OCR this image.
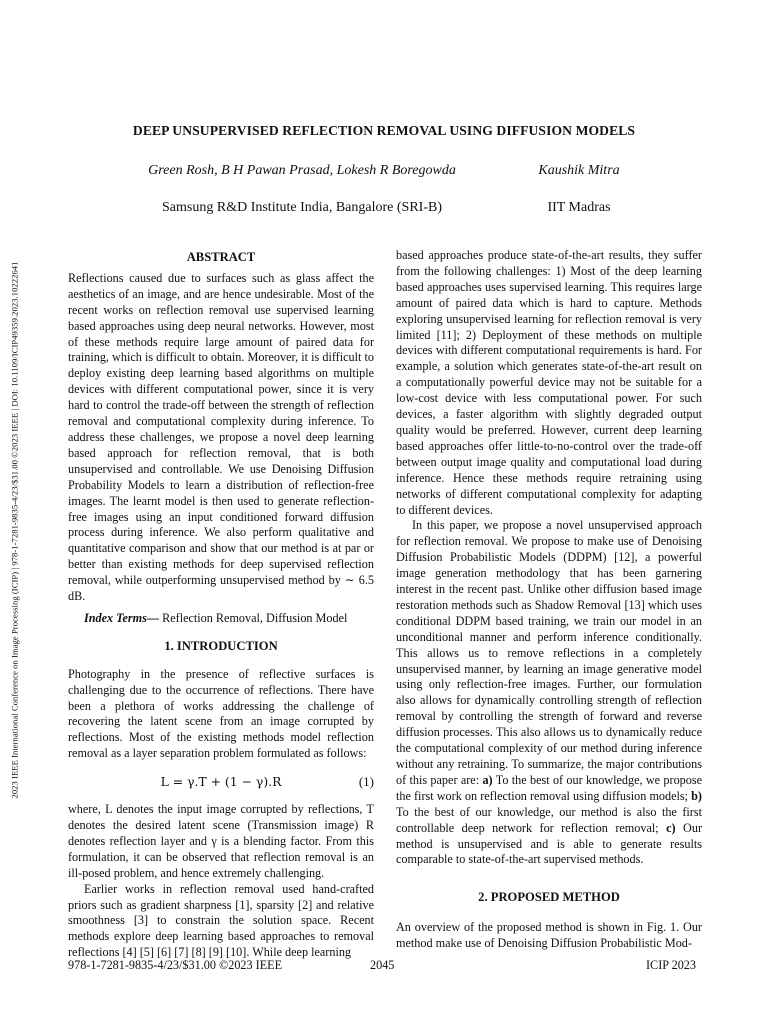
2023 IEEE International Conference on Image Processing (ICIP) | 978-1-7281-9835-4/23/$31.00 ©2023 IEEE | DOI: 10.1109/ICIP49359.2023.10222641
DEEP UNSUPERVISED REFLECTION REMOVAL USING DIFFUSION MODELS
Green Rosh, B H Pawan Prasad, Lokesh R Boregowda	Kaushik Mitra
Samsung R&D Institute India, Bangalore (SRI-B)	IIT Madras
ABSTRACT

Reflections caused due to surfaces such as glass affect the aesthetics of an image, and are hence undesirable. Most of the recent works on reflection removal use supervised learning based approaches using deep neural networks. However, most of these methods require large amount of paired data for training, which is difficult to obtain. Moreover, it is difficult to deploy existing deep learning based algorithms on multiple devices with different computational power, since it is very hard to control the trade-off between the strength of reflection removal and computational complexity during inference. To address these challenges, we propose a novel deep learning based approach for reflection removal, that is both unsupervised and controllable. We use Denoising Diffusion Probability Models to learn a distribution of reflection-free images. The learnt model is then used to generate reflection-free images using an input conditioned forward diffusion process during inference. We also perform qualitative and quantitative comparison and show that our method is at par or better than existing methods for deep supervised reflection removal, while outperforming unsupervised method by ∼ 6.5 dB.

Index Terms— Reflection Removal, Diffusion Model

1. INTRODUCTION

Photography in the presence of reflective surfaces is challenging due to the occurrence of reflections. There have been a plethora of works addressing the challenge of recovering the latent scene from an image corrupted by reflections. Most of the existing methods model reflection removal as a layer separation problem formulated as follows:

L = γ.T + (1 − γ).R	(1)

where, L denotes the input image corrupted by reflections, T denotes the desired latent scene (Transmission image) R denotes reflection layer and γ is a blending factor. From this formulation, it can be observed that reflection removal is an ill-posed problem, and hence extremely challenging.

Earlier works in reflection removal used hand-crafted priors such as gradient sharpness [1], sparsity [2] and relative smoothness [3] to constrain the solution space. Recent methods explore deep learning based approaches to removal reflections [4] [5] [6] [7] [8] [9] [10]. While deep learning

based approaches produce state-of-the-art results, they suffer from the following challenges: 1) Most of the deep learning based approaches uses supervised learning. This requires large amount of paired data which is hard to capture. Methods exploring unsupervised learning for reflection removal is very limited [11]; 2) Deployment of these methods on multiple devices with different computational requirements is hard. For example, a solution which generates state-of-the-art result on a computationally powerful device may not be suitable for a low-cost device with less computational power. For such devices, a faster algorithm with slightly degraded output quality would be preferred. However, current deep learning based approaches offer little-to-no-control over the trade-off between output image quality and computational load during inference. Hence these methods require retraining using networks of different computational complexity for adapting to different devices.

In this paper, we propose a novel unsupervised approach for reflection removal. We propose to make use of Denoising Diffusion Probabilistic Models (DDPM) [12], a powerful image generation methodology that has been garnering interest in the recent past. Unlike other diffusion based image restoration methods such as Shadow Removal [13] which uses conditional DDPM based training, we train our model in an unconditional manner and perform inference conditionally. This allows us to remove reflections in a completely unsupervised manner, by learning an image generative model using only reflection-free images. Further, our formulation also allows for dynamically controlling strength of reflection removal by controlling the strength of forward and reverse diffusion processes. This also allows us to dynamically reduce the computational complexity of our method during inference without any retraining. To summarize, the major contributions of this paper are: a) To the best of our knowledge, we propose the first work on reflection removal using diffusion models; b) To the best of our knowledge, our method is also the first controllable deep network for reflection removal; c) Our method is unsupervised and is able to generate results comparable to state-of-the-art supervised methods.

2. PROPOSED METHOD

An overview of the proposed method is shown in Fig. 1. Our method make use of Denoising Diffusion Probabilistic Mod-

978-1-7281-9835-4/23/$31.00 ©2023 IEEE	2045	ICIP 2023
